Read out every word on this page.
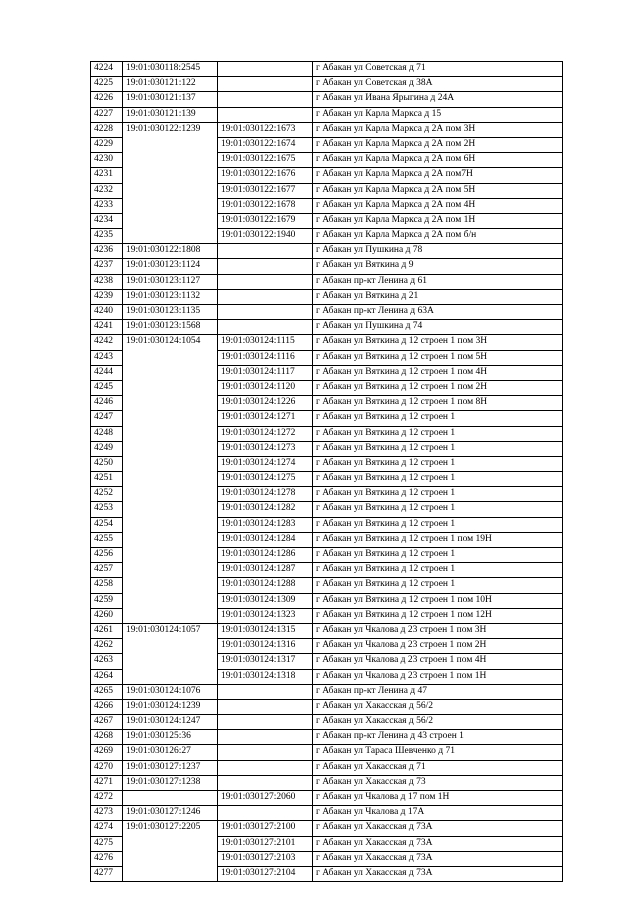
4224	19:01:030118:2545		г Абакан ул Советская д 71
4225	19:01:030121:122		г Абакан ул Советская д 38А
4226	19:01:030121:137		г Абакан ул Ивана Ярыгина д 24А
4227	19:01:030121:139		г Абакан ул Карла Маркса д 15
4228	19:01:030122:1239	19:01:030122:1673	г Абакан ул Карла Маркса д 2А пом 3Н
4229		19:01:030122:1674	г Абакан ул Карла Маркса д 2А пом 2Н
4230		19:01:030122:1675	г Абакан ул Карла Маркса д 2А пом 6Н
4231		19:01:030122:1676	г Абакан ул Карла Маркса д 2А пом7Н
4232		19:01:030122:1677	г Абакан ул Карла Маркса д 2А пом 5Н
4233		19:01:030122:1678	г Абакан ул Карла Маркса д 2А пом 4Н
4234		19:01:030122:1679	г Абакан ул Карла Маркса д 2А пом 1Н
4235		19:01:030122:1940	г Абакан ул Карла Маркса д 2А пом б/н
4236	19:01:030122:1808		г Абакан ул Пушкина д 78
4237	19:01:030123:1124		г Абакан ул Вяткина д 9
4238	19:01:030123:1127		г Абакан пр-кт Ленина д 61
4239	19:01:030123:1132		г Абакан ул Вяткина д 21
4240	19:01:030123:1135		г Абакан пр-кт Ленина д 63А
4241	19:01:030123:1568		г Абакан ул Пушкина д 74
4242	19:01:030124:1054	19:01:030124:1115	г Абакан ул Вяткина д 12 строен 1 пом 3Н
4243		19:01:030124:1116	г Абакан ул Вяткина д 12 строен 1 пом 5Н
4244		19:01:030124:1117	г Абакан ул Вяткина д 12 строен 1 пом 4Н
4245		19:01:030124:1120	г Абакан ул Вяткина д 12 строен 1 пом 2Н
4246		19:01:030124:1226	г Абакан ул Вяткина д 12 строен 1 пом 8Н
4247		19:01:030124:1271	г Абакан ул Вяткина д 12 строен 1
4248		19:01:030124:1272	г Абакан ул Вяткина д 12 строен 1
4249		19:01:030124:1273	г Абакан ул Вяткина д 12 строен 1
4250		19:01:030124:1274	г Абакан ул Вяткина д 12 строен 1
4251		19:01:030124:1275	г Абакан ул Вяткина д 12 строен 1
4252		19:01:030124:1278	г Абакан ул Вяткина д 12 строен 1
4253		19:01:030124:1282	г Абакан ул Вяткина д 12 строен 1
4254		19:01:030124:1283	г Абакан ул Вяткина д 12 строен 1
4255		19:01:030124:1284	г Абакан ул Вяткина д 12 строен 1 пом 19Н
4256		19:01:030124:1286	г Абакан ул Вяткина д 12 строен 1
4257		19:01:030124:1287	г Абакан ул Вяткина д 12 строен 1
4258		19:01:030124:1288	г Абакан ул Вяткина д 12 строен 1
4259		19:01:030124:1309	г Абакан ул Вяткина д 12 строен 1 пом 10Н
4260		19:01:030124:1323	г Абакан ул Вяткина д 12 строен 1 пом 12Н
4261	19:01:030124:1057	19:01:030124:1315	г Абакан ул Чкалова д 23 строен 1 пом 3Н
4262		19:01:030124:1316	г Абакан ул Чкалова д 23 строен 1 пом 2Н
4263		19:01:030124:1317	г Абакан ул Чкалова д 23 строен 1 пом 4Н
4264		19:01:030124:1318	г Абакан ул Чкалова д 23 строен 1 пом 1Н
4265	19:01:030124:1076		г Абакан пр-кт Ленина д 47
4266	19:01:030124:1239		г Абакан ул Хакасская д 56/2
4267	19:01:030124:1247		г Абакан ул Хакасская д 56/2
4268	19:01:030125:36		г Абакан пр-кт Ленина д 43 строен 1
4269	19:01:030126:27		г Абакан ул Тараса Шевченко д 71
4270	19:01:030127:1237		г Абакан ул Хакасская д 71
4271	19:01:030127:1238		г Абакан ул Хакасская д 73
4272		19:01:030127:2060	г Абакан ул Чкалова д 17 пом 1Н
4273	19:01:030127:1246		г Абакан ул Чкалова д 17А
4274	19:01:030127:2205	19:01:030127:2100	г Абакан ул Хакасская д 73А
4275		19:01:030127:2101	г Абакан ул Хакасская д 73А
4276		19:01:030127:2103	г Абакан ул Хакасская д 73А
4277		19:01:030127:2104	г Абакан ул Хакасская д 73А
